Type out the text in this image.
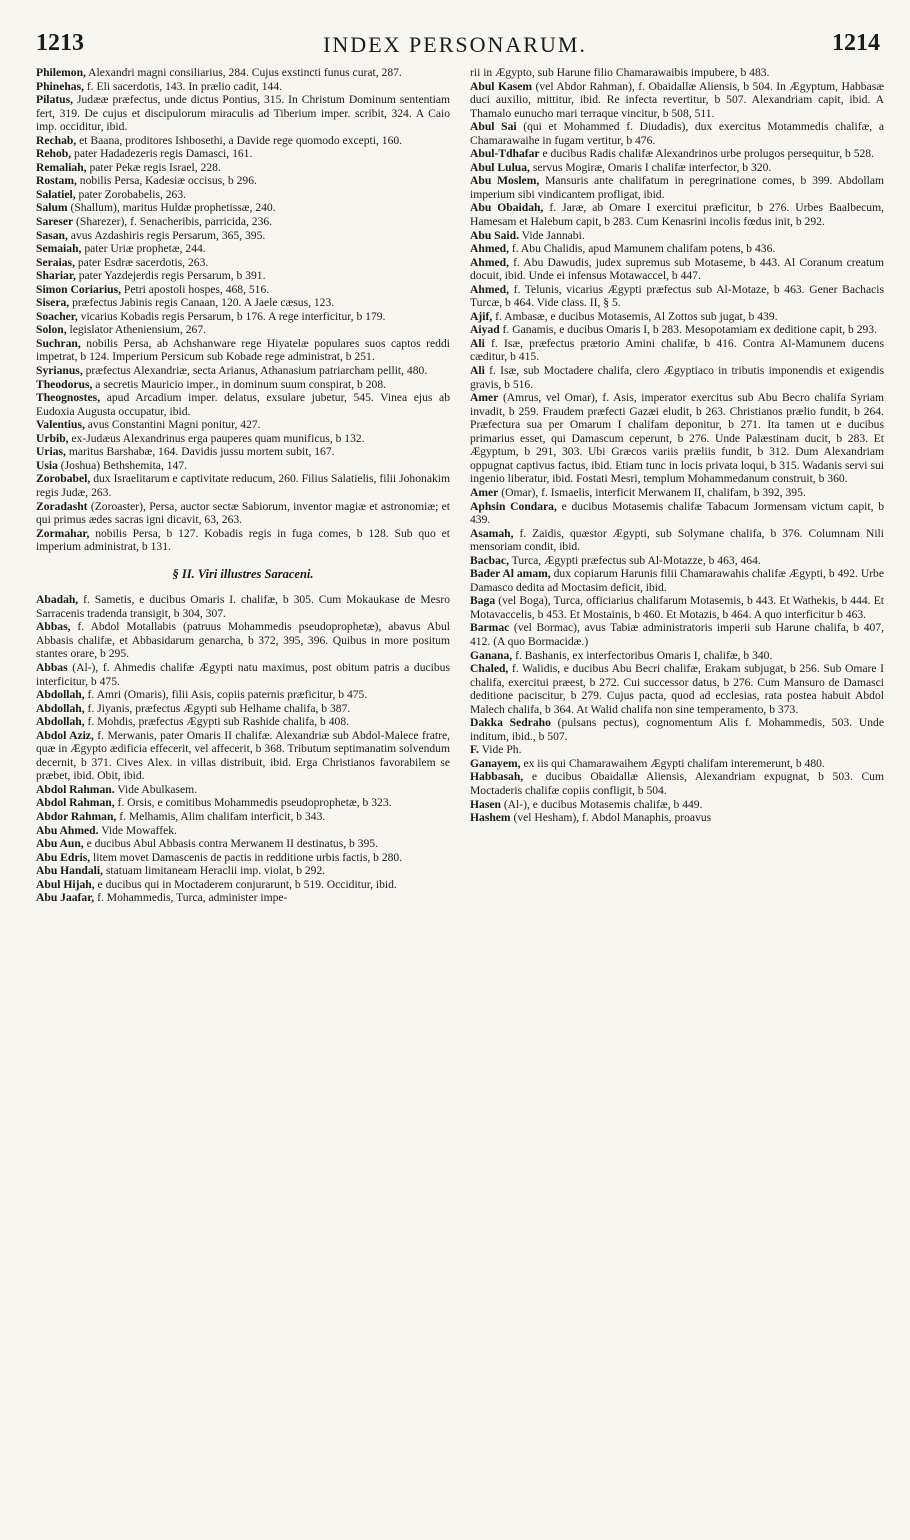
1213	INDEX PERSONARUM.	1214
Philemon, Alexandri magni consiliarius, 284. Cujus exstincti funus curat, 287.
Phinehas, f. Eli sacerdotis, 143. In prælio cadit, 144.
Pilatus, Judææ præfectus, unde dictus Pontius, 315. In Christum Dominum sententiam fert, 319. De cujus et discipulorum miraculis ad Tiberium imper. scribit, 324. A Caio imp. occiditur, ibid.
Rechab, et Baana, proditores Ishbosethi, a Davide rege quomodo excepti, 160.
Rehob, pater Hadadezeris regis Damasci, 161.
Remaliah, pater Pekæ regis Israel, 228.
Rostam, nobilis Persa, Kadesiæ occisus, b 296.
Salatiel, pater Zorobabelis, 263.
Salum (Shallum), maritus Huldæ prophetissæ, 240.
Sareser (Sharezer), f. Senacheribis, parricida, 236.
Sasan, avus Azdashiris regis Persarum, 365, 395.
Semaiah, pater Uriæ prophetæ, 244.
Seraias, pater Esdræ sacerdotis, 263.
Shariar, pater Yazdejerdis regis Persarum, b 391.
Simon Coriarius, Petri apostoli hospes, 468, 516.
Sisera, præfectus Jabinis regis Canaan, 120. A Jaele cæsus, 123.
Soacher, vicarius Kobadis regis Persarum, b 176. A rege interficitur, b 179.
Solon, legislator Atheniensium, 267.
Suchran, nobilis Persa, ab Achshanware rege Hiyatelæ populares suos captos reddi impetrat, b 124. Imperium Persicum sub Kobade rege administrat, b 251.
Syrianus, præfectus Alexandriæ, secta Arianus, Athanasium patriarcham pellit, 480.
Theodorus, a secretis Mauricio imper., in dominum suum conspirat, b 208.
Theognostes, apud Arcadium imper. delatus, exsulare jubetur, 545. Vinea ejus ab Eudoxia Augusta occupatur, ibid.
Valentius, avus Constantini Magni ponitur, 427.
Urbib, ex-Judæus Alexandrinus erga pauperes quam munificus, b 132.
Urias, maritus Barshabæ, 164. Davidis jussu mortem subit, 167.
Usia (Joshua) Bethshemita, 147.
Zorobabel, dux Israelitarum e captivitate reducum, 260. Filius Salatielis, filii Johonakim regis Judæ, 263.
Zoradasht (Zoroaster), Persa, auctor sectæ Sabiorum, inventor magiæ et astronomiæ; et qui primus ædes sacras igni dicavit, 63, 263.
Zormahar, nobilis Persa, b 127. Kobadis regis in fuga comes, b 128. Sub quo et imperium administrat, b 131.
§ II. Viri illustres Saraceni.
Abadah, f. Sametis, e ducibus Omaris I. chalifæ, b 305. Cum Mokaukase de Mesro Sarracenis tradenda transigit, b 304, 307.
Abbas, f. Abdol Motallabis (patruus Mohammedis pseudoprophetæ), abavus Abul Abbasis chalifæ, et Abbasidarum genarcha, b 372, 395, 396. Quibus in more positum stantes orare, b 295.
Abbas (Al-), f. Ahmedis chalifæ Ægypti natu maximus, post obitum patris a ducibus interficitur, b 475.
Abdollah, f. Amri (Omaris), filii Asis, copiis paternis præficitur, b 475.
Abdollah, f. Jiyanis, præfectus Ægypti sub Helhame chalifa, b 387.
Abdollah, f. Mohdis, præfectus Ægypti sub Rashide chalifa, b 408.
Abdol Aziz, f. Merwanis, pater Omaris II chalifæ. Alexandriæ sub Abdol-Malece fratre, quæ in Ægypto ædificia effecerit, vel affecerit, b 368. Tributum septimanatim solvendum decernit, b 371. Cives Alex. in villas distribuit, ibid. Erga Christianos favorabilem se præbet, ibid. Obit, ibid.
Abdol Rahman. Vide Abulkasem.
Abdol Rahman, f. Orsis, e comitibus Mohammedis pseudoprophetæ, b 323.
Abdor Rahman, f. Melhamis, Alim chalifam interficit, b 343.
Abu Ahmed. Vide Mowaffek.
Abu Aun, e ducibus Abul Abbasis contra Merwanem II destinatus, b 395.
Abu Edris, litem movet Damascenis de pactis in redditione urbis factis, b 280.
Abu Handali, statuam limitaneam Heraclii imp. violat, b 292.
Abul Hijah, e ducibus qui in Moctaderem conjurarunt, b 519. Occiditur, ibid.
Abu Jaafar, f. Mohammedis, Turca, administer impe-
rii in Ægypto, sub Harune filio Chamarawaibis impubere, b 483.
Abul Kasem (vel Abdor Rahman), f. Obaidallæ Aliensis, b 504. In Ægyptum, Habbasæ duci auxilio, mittitur, ibid. Re infecta revertitur, b 507. Alexandriam capit, ibid. A Thamalo eunucho mari terraque vincitur, b 508, 511.
Abul Sai (qui et Mohammed f. Diudadis), dux exercitus Motammedis chalifæ, a Chamarawaihe in fugam vertitur, b 476.
Abul-Tdhafar e ducibus Radis chalifæ Alexandrinos urbe prolugos persequitur, b 528.
Abul Lulua, servus Mogiræ, Omaris I chalifæ interfector, b 320.
Abu Moslem, Mansuris ante chalifatum in peregrinatione comes, b 399. Abdollam imperium sibi vindicantem profligat, ibid.
Abu Obaidah, f. Jaræ, ab Omare I exercitui præficitur, b 276. Urbes Baalbecum, Hamesam et Halebum capit, b 283. Cum Kenasrini incolis fœdus init, b 292.
Abu Said. Vide Jannabi.
Ahmed, f. Abu Chalidis, apud Mamunem chalifam potens, b 436.
Ahmed, f. Abu Dawudis, judex supremus sub Motaseme, b 443. Al Coranum creatum docuit, ibid. Unde ei infensus Motawaccel, b 447.
Ahmed, f. Telunis, vicarius Ægypti præfectus sub Al-Motaze, b 463. Gener Bachacis Turcæ, b 464. Vide class. II, § 5.
Ajif, f. Ambasæ, e ducibus Motasemis, Al Zottos sub jugat, b 439.
Aiyad f. Ganamis, e ducibus Omaris I, b 283. Mesopotamiam ex deditione capit, b 293.
Ali f. Isæ, præfectus prætorio Amini chalifæ, b 416. Contra Al-Mamunem ducens cæditur, b 415.
Ali f. Isæ, sub Moctadere chalifa, clero Ægyptiaco in tributis imponendis et exigendis gravis, b 516.
Amer (Amrus, vel Omar), f. Asis, imperator exercitus sub Abu Becro chalifa Syriam invadit, b 259. Fraudem præfecti Gazæi eludit, b 263. Christianos prælio fundit, b 264. Præfectura sua per Omarum I chalifam deponitur, b 271. Ita tamen ut e ducibus primarius esset, qui Damascum ceperunt, b 276. Unde Palæstinam ducit, b 283. Et Ægyptum, b 291, 303. Ubi Græcos variis præliis fundit, b 312. Dum Alexandriam oppugnat captivus factus, ibid. Etiam tunc in locis privata loqui, b 315. Wadanis servi sui ingenio liberatur, ibid. Fostati Mesri, templum Mohammedanum construit, b 360.
Amer (Omar), f. Ismaelis, interficit Merwanem II, chalifam, b 392, 395.
Aphsin Condara, e ducibus Motasemis chalifæ Tabacum Jormensam victum capit, b 439.
Asamah, f. Zaidis, quæstor Ægypti, sub Solymane chalifa, b 376. Columnam Nili mensoriam condit, ibid.
Bacbac, Turca, Ægypti præfectus sub Al-Motazze, b 463, 464.
Bader Al amam, dux copiarum Harunis filii Chamarawahis chalifæ Ægypti, b 492. Urbe Damasco dedita ad Moctasim deficit, ibid.
Baga (vel Boga), Turca, officiarius chalifarum Motasemis, b 443. Et Wathekis, b 444. Et Motavaccelis, b 453. Et Mostainis, b 460. Et Motazis, b 464. A quo interficitur b 463.
Barmac (vel Bormac), avus Tabiæ administratoris imperii sub Harune chalifa, b 407, 412. (A quo Bormacidæ.)
Ganana, f. Bashanis, ex interfectoribus Omaris I, chalifæ, b 340.
Chaled, f. Walidis, e ducibus Abu Becri chalifæ, Erakam subjugat, b 256. Sub Omare I chalifa, exercitui præest, b 272. Cui successor datus, b 276. Cum Mansuro de Damasci deditione paciscitur, b 279. Cujus pacta, quod ad ecclesias, rata postea habuit Abdol Malech chalifa, b 364. At Walid chalifa non sine temperamento, b 373.
Dakka Sedraho (pulsans pectus), cognomentum Alis f. Mohammedis, 503. Unde inditum, ibid., b 507.
F. Vide Ph.
Ganayem, ex iis qui Chamarawaihem Ægypti chalifam interemerunt, b 480.
Habbasah, e ducibus Obaidallæ Aliensis, Alexandriam expugnat, b 503. Cum Moctaderis chalifæ copiis confligit, b 504.
Hasen (Al-), e ducibus Motasemis chalifæ, b 449.
Hashem (vel Hesham), f. Abdol Manaphis, proavus
